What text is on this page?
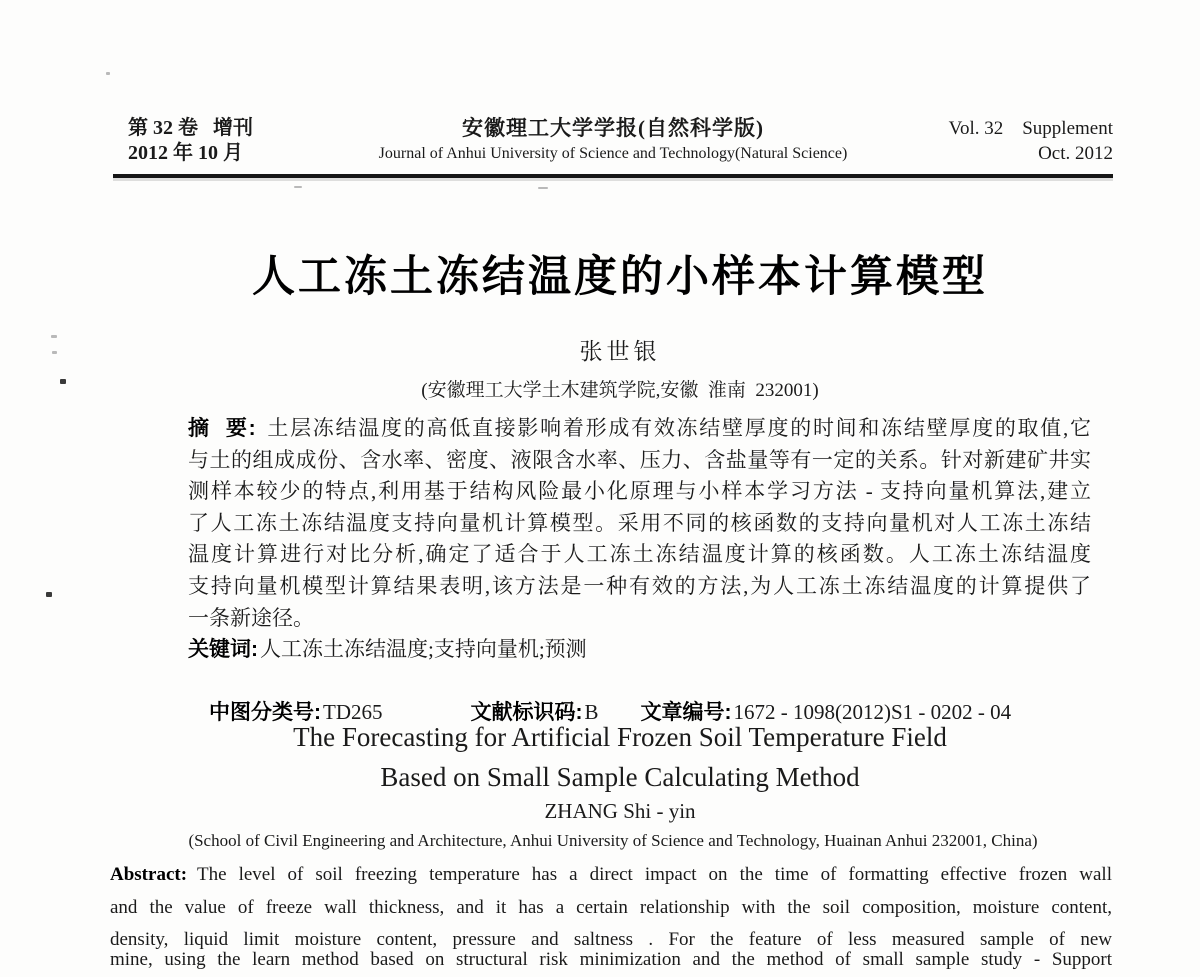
第 32 卷   增刊
2012 年 10 月
安徽理工大学学报(自然科学版)
Journal of Anhui University of Science and Technology(Natural Science)
Vol. 32    Supplement
Oct. 2012
人工冻土冻结温度的小样本计算模型
张世银
(安徽理工大学土木建筑学院,安徽  淮南  232001)
摘  要: 土层冻结温度的高低直接影响着形成有效冻结壁厚度的时间和冻结壁厚度的取值,它
与土的组成成份、含水率、密度、液限含水率、压力、含盐量等有一定的关系。针对新建矿井实
测样本较少的特点,利用基于结构风险最小化原理与小样本学习方法 - 支持向量机算法,建立
了人工冻土冻结温度支持向量机计算模型。采用不同的核函数的支持向量机对人工冻土冻结
温度计算进行对比分析,确定了适合于人工冻土冻结温度计算的核函数。人工冻土冻结温度
支持向量机模型计算结果表明,该方法是一种有效的方法,为人工冻土冻结温度的计算提供了
一条新途径。
关键词:人工冻土冻结温度;支持向量机;预测

中图分类号:TD265	文献标识码:B 文章编号:1672 - 1098(2012)S1 - 0202 - 04

The Forecasting for Artificial Frozen Soil Temperature Field
Based on Small Sample Calculating Method
ZHANG Shi - yin
(School of Civil Engineering and Architecture, Anhui University of Science and Technology, Huainan Anhui 232001, China)
Abstract: The level of soil freezing temperature has a direct impact on the time of formatting effective frozen wall
and the value of freeze wall thickness, and it has a certain relationship with the soil composition, moisture content,
density, liquid limit moisture content, pressure and saltness . For the feature of less measured sample of new
mine, using the learn method based on structural risk minimization and the method of small sample study - Support
